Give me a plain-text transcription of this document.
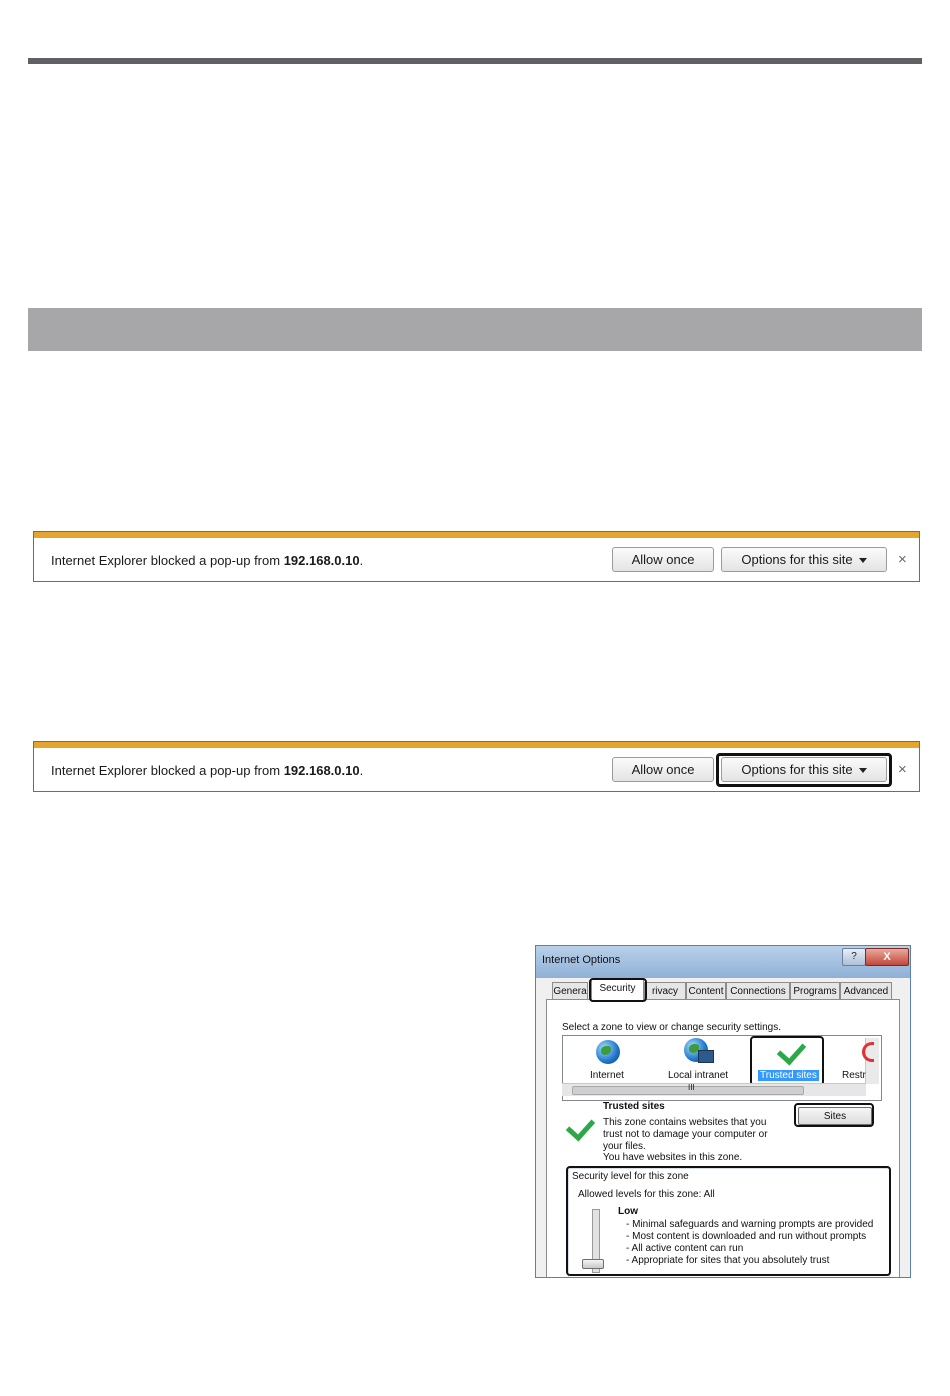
Internet Explorer blocked a pop-up from 192.168.0.10.	Allow once	Options for this site	×
Internet Explorer blocked a pop-up from 192.168.0.10.	Allow once	Options for this site	×
Internet Options	?	X
Genera	rivacy	Content Connections Programs Advanced
Security
Select a zone to view or change security settings.
Internet	Local intranet	Trusted sites	Restr
III
Trusted sites
This zone contains websites that you
trust not to damage your computer or
your files.
You have websites in this zone.
Sites
Security level for this zone
Allowed levels for this zone: All
Low
- Minimal safeguards and warning prompts are provided
- Most content is downloaded and run without prompts
- All active content can run
- Appropriate for sites that you absolutely trust
